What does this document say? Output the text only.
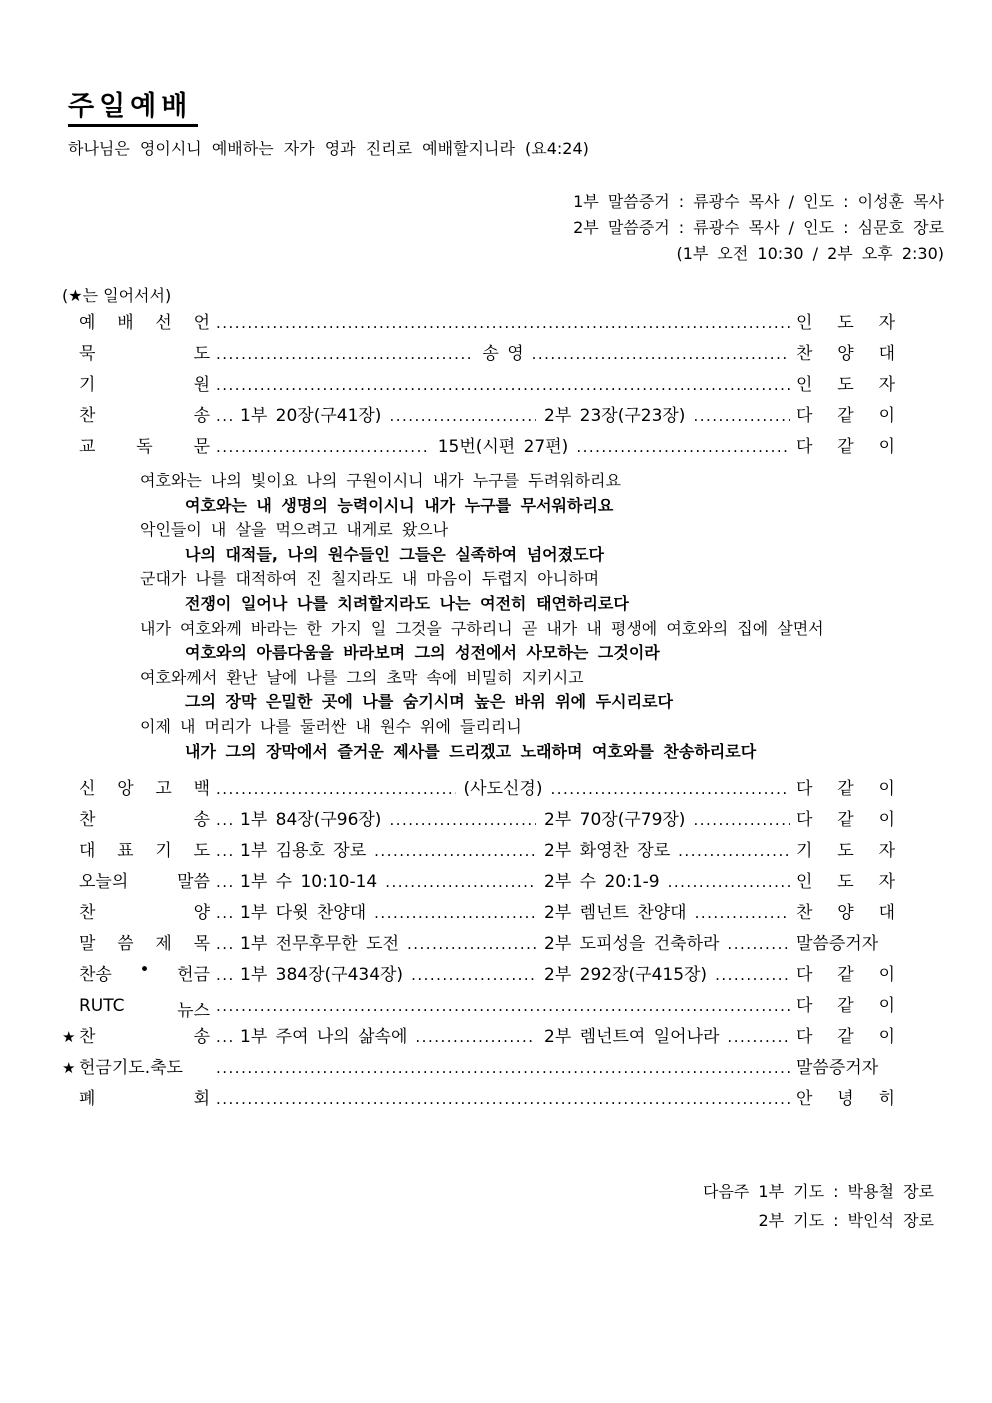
주일예배
하나님은 영이시니 예배하는 자가 영과 진리로 예배할지니라 (요4:24)
1부 말씀증거 : 류광수 목사 / 인도 : 이성훈 목사
2부 말씀증거 : 류광수 목사 / 인도 : 심문호 장로
(1부 오전 10:30 / 2부 오후 2:30)
(★는 일어서서)
예 배 선 언 .....	인 도 자
묵	도 .....	송 영 .....	찬 양 대
기	원 .....	인 도 자
찬	송 ..... 1부 20장(구41장) .....	2부 23장(구23장) .....	다 같 이
교 독 문 .....	15번(시편 27편) .....	다 같 이
여호와는 나의 빛이요 나의 구원이시니 내가 누구를 두려워하리요
여호와는 내 생명의 능력이시니 내가 누구를 무서워하리요
악인들이 내 살을 먹으려고 내게로 왔으나
나의 대적들, 나의 원수들인 그들은 실족하여 넘어졌도다
군대가 나를 대적하여 진 칠지라도 내 마음이 두렵지 아니하며
전쟁이 일어나 나를 치려할지라도 나는 여전히 태연하리로다
내가 여호와께 바라는 한 가지 일 그것을 구하리니 곧 내가 내 평생에 여호와의 집에 살면서
여호와의 아름다움을 바라보며 그의 성전에서 사모하는 그것이라
여호와께서 환난 날에 나를 그의 초막 속에 비밀히 지키시고
그의 장막 은밀한 곳에 나를 숨기시며 높은 바위 위에 두시리로다
이제 내 머리가 나를 둘러싼 내 원수 위에 들리리니
내가 그의 장막에서 즐거운 제사를 드리겠고 노래하며 여호와를 찬송하리로다
신 앙 고 백 .....	(사도신경) .....	다 같 이
찬	송 ..... 1부 84장(구96장) .....	2부 70장(구79장) .....	다 같 이
대 표 기 도 ..... 1부 김용호 장로 .....	2부 화영찬 장로 .....	기 도 자
오늘의	말씀 ..... 1부 수 10:10-14 .....	2부 수 20:1-9 .....	인 도 자
찬	양 ..... 1부 다윗 찬양대 .....	2부 렘넌트 찬양대 .....	찬 양 대
말 씀 제 목 ..... 1부 전무후무한 도전 .....	2부 도피성을 건축하라 .....	말씀증거자
찬송 • 헌금 ..... 1부 384장(구434장) .....	2부 292장(구415장) .....	다 같 이
RUTC	뉴스 .....	다 같 이
★ 찬	송 ..... 1부 주여 나의 삶속에 .....	2부 렘넌트여 일어나라 .....	다 같 이
★ 헌금기도.축도 .....	말씀증거자
폐	회 .....	안 녕 히
다음주 1부 기도 : 박용철 장로
2부 기도 : 박인석 장로
